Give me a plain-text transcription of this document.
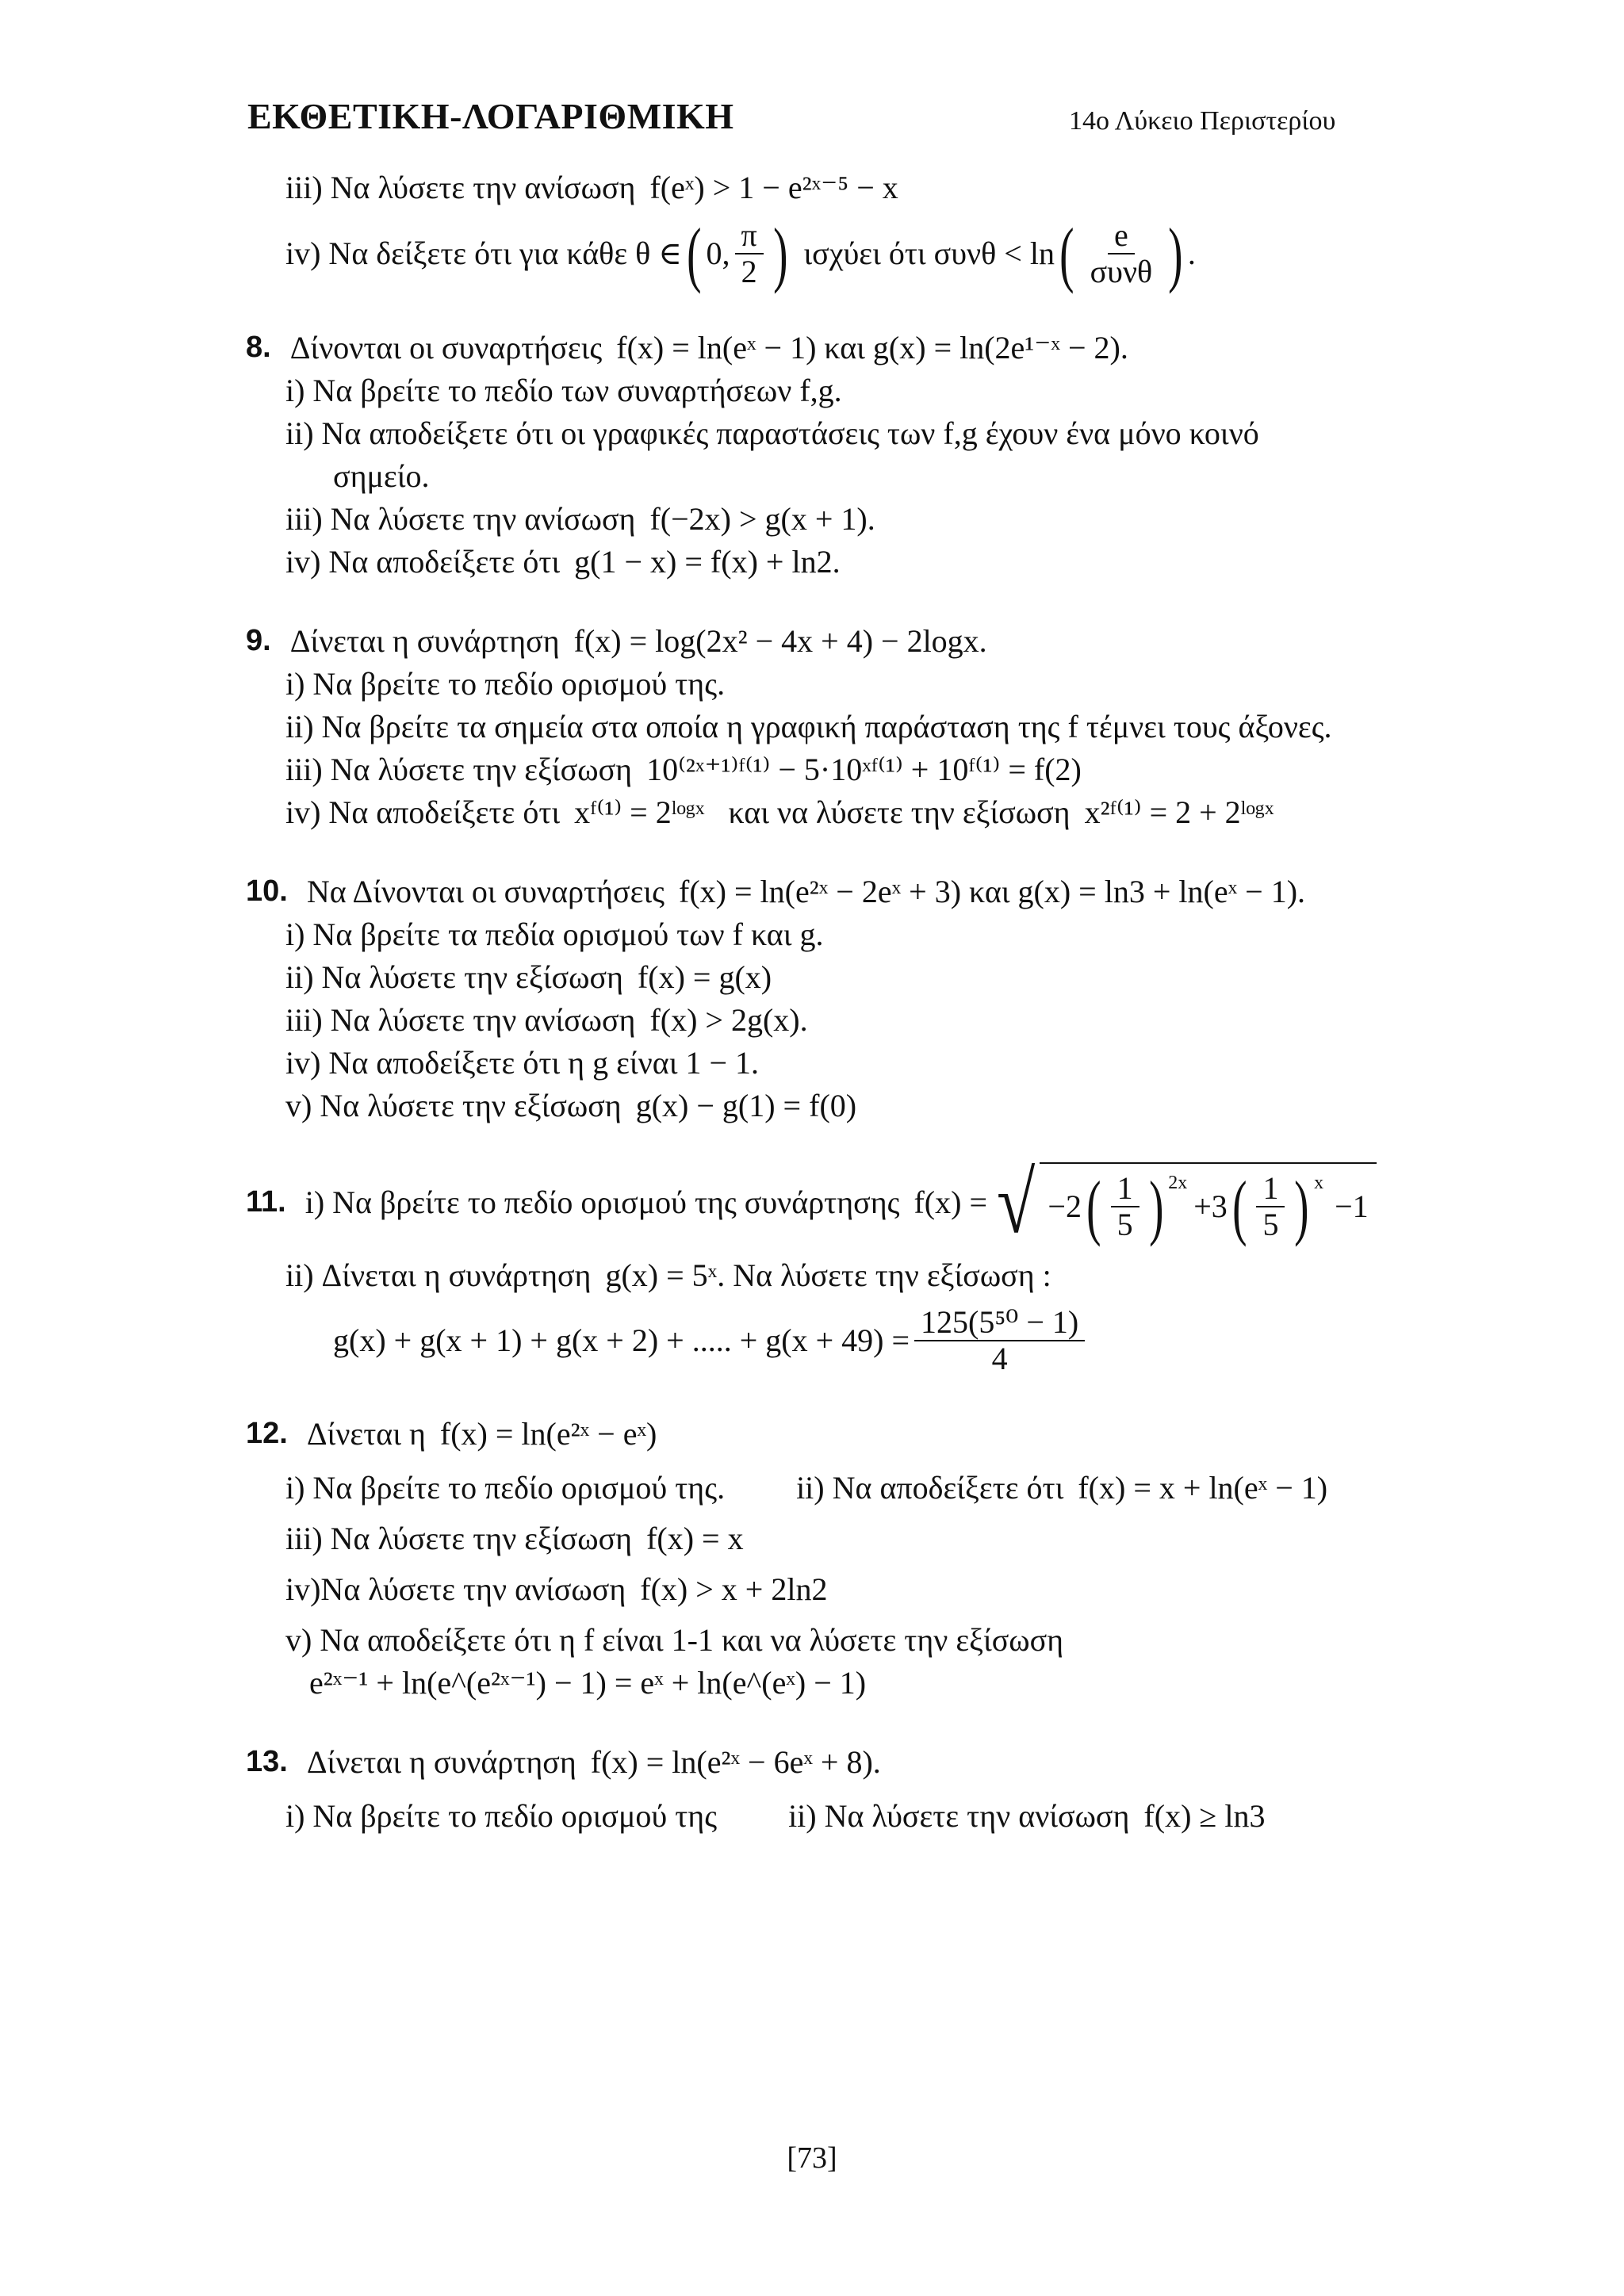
ΕΚΘΕΤΙΚΗ-ΛΟΓΑΡΙΘΜΙΚΗ	14ο Λύκειο Περιστερίου
iii) Να λύσετε την ανίσωση f(eˣ) > 1 − e²ˣ⁻⁵ − x
iv) Να δείξετε ότι για κάθε θ ∈ ( 0, $\frac{\pi}{2}$ ) ισχύει ότι συνθ < ln ( $\frac{e}{\text{συνθ}}$ ) .
8. Δίνονται οι συναρτήσεις f(x) = ln(eˣ − 1) και g(x) = ln(2e¹⁻ˣ − 2).
i) Να βρείτε το πεδίο των συναρτήσεων f,g.
ii) Να αποδείξετε ότι οι γραφικές παραστάσεις των f,g έχουν ένα μόνο κοινό
σημείο.
iii) Να λύσετε την ανίσωση f(−2x) > g(x + 1).
iv) Να αποδείξετε ότι g(1 − x) = f(x) + ln2.
9. Δίνεται η συνάρτηση f(x) = log(2x² − 4x + 4) − 2logx.
i) Να βρείτε το πεδίο ορισμού της.
ii) Να βρείτε τα σημεία στα οποία η γραφική παράσταση της f τέμνει τους άξονες.
iii) Να λύσετε την εξίσωση 10⁽²ˣ⁺¹⁾ᶠ⁽¹⁾ − 5·10ˣᶠ⁽¹⁾ + 10ᶠ⁽¹⁾ = f(2)
iv) Να αποδείξετε ότι xᶠ⁽¹⁾ = 2ˡᵒᵍˣ και να λύσετε την εξίσωση x²ᶠ⁽¹⁾ = 2 + 2ˡᵒᵍˣ
10. Να Δίνονται οι συναρτήσεις f(x) = ln(e²ˣ − 2eˣ + 3) και g(x) = ln3 + ln(eˣ − 1).
i) Να βρείτε τα πεδία ορισμού των f και g.
ii) Να λύσετε την εξίσωση f(x) = g(x)
iii) Να λύσετε την ανίσωση f(x) > 2g(x).
iv) Να αποδείξετε ότι η g είναι 1 − 1.
v) Να λύσετε την εξίσωση g(x) − g(1) = f(0)
11. i) Να βρείτε το πεδίο ορισμού της συνάρτησης f(x) = √ −2 ( $\frac{1}{5}$ ) $^{2x}$
+3 ( $\frac{1}{5}$ ) $^x$
−1
ii) Δίνεται η συνάρτηση g(x) = 5ˣ. Να λύσετε την εξίσωση :
g(x) + g(x + 1) + g(x + 2) + ..... + $g(x + 49) = \frac{\text{125(5⁵⁰ − 1)}}{4}$
12. Δίνεται η f(x) = ln(e²ˣ − eˣ)
i) Να βρείτε το πεδίο ορισμού της. ii) Να αποδείξετε ότι f(x) = x + ln(eˣ − 1)
iii) Να λύσετε την εξίσωση f(x) = x
iv)Να λύσετε την ανίσωση f(x) > x + 2ln2
v) Να αποδείξετε ότι η f είναι 1-1 και να λύσετε την εξίσωση
e²ˣ⁻¹ + ln(e^(e²ˣ⁻¹) − 1) = eˣ + ln(e^(eˣ) − 1)
13. Δίνεται η συνάρτηση f(x) = ln(e²ˣ − 6eˣ + 8).
i) Να βρείτε το πεδίο ορισμού της ii) Να λύσετε την ανίσωση f(x) ≥ ln3
[73]
